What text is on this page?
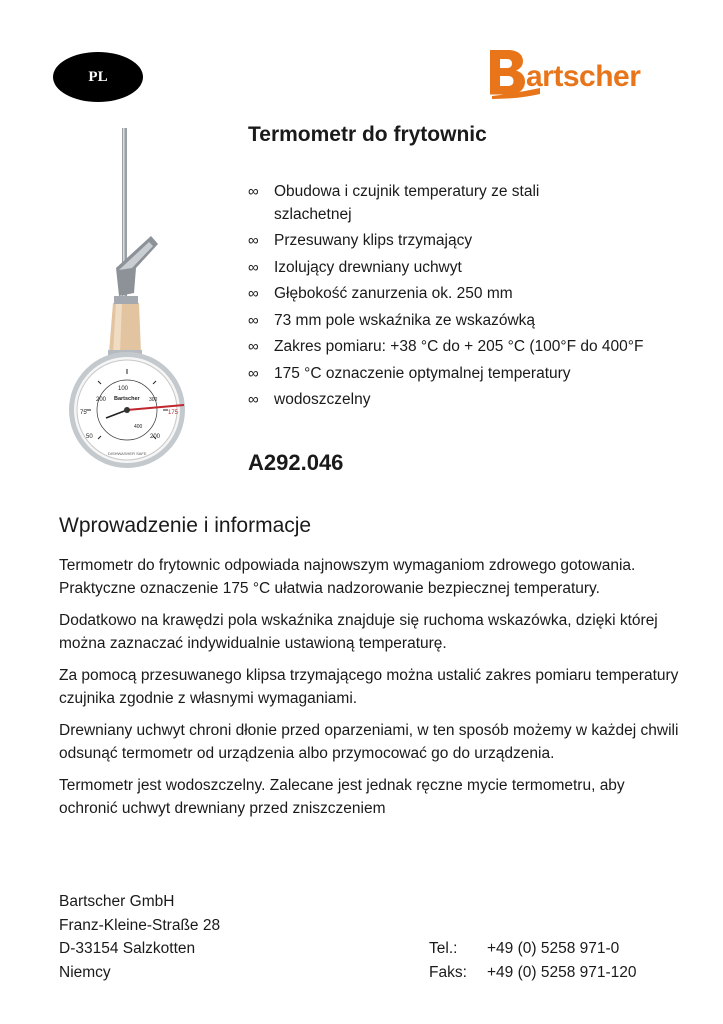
PL	artscher
100
200
75
50
175
200
300
400
Bartscher
DISHWASHER SAFE
Termometr do frytownic
∞ Obudowa i czujnik temperatury ze stali szlachetnej
∞ Przesuwany klips trzymający
∞ Izolujący drewniany uchwyt
∞ Głębokość zanurzenia ok. 250 mm
∞ 73 mm pole wskaźnika ze wskazówką
∞ Zakres pomiaru: +38 °C do + 205 °C (100°F do 400°F
∞ 175 °C oznaczenie optymalnej temperatury
∞ wodoszczelny
A292.046
Wprowadzenie i informacje

Termometr do frytownic odpowiada najnowszym wymaganiom zdrowego gotowania. Praktyczne oznaczenie 175 °C ułatwia nadzorowanie bezpiecznej temperatury.

Dodatkowo na krawędzi pola wskaźnika znajduje się ruchoma wskazówka, dzięki której można zaznaczać indywidualnie ustawioną temperaturę.

Za pomocą przesuwanego klipsa trzymającego można ustalić zakres pomiaru temperatury czujnika zgodnie z własnymi wymaganiami.

Drewniany uchwyt chroni dłonie przed oparzeniami, w ten sposób możemy w każdej chwili odsunąć termometr od urządzenia albo przymocować go do urządzenia.

Termometr jest wodoszczelny. Zalecane jest jednak ręczne mycie termometru, aby ochronić uchwyt drewniany przed zniszczeniem

Bartscher GmbH
Franz-Kleine-Straße 28
D-33154 Salzkotten	Tel.:	+49 (0) 5258 971-0
Niemcy	Faks:	+49 (0) 5258 971-120
